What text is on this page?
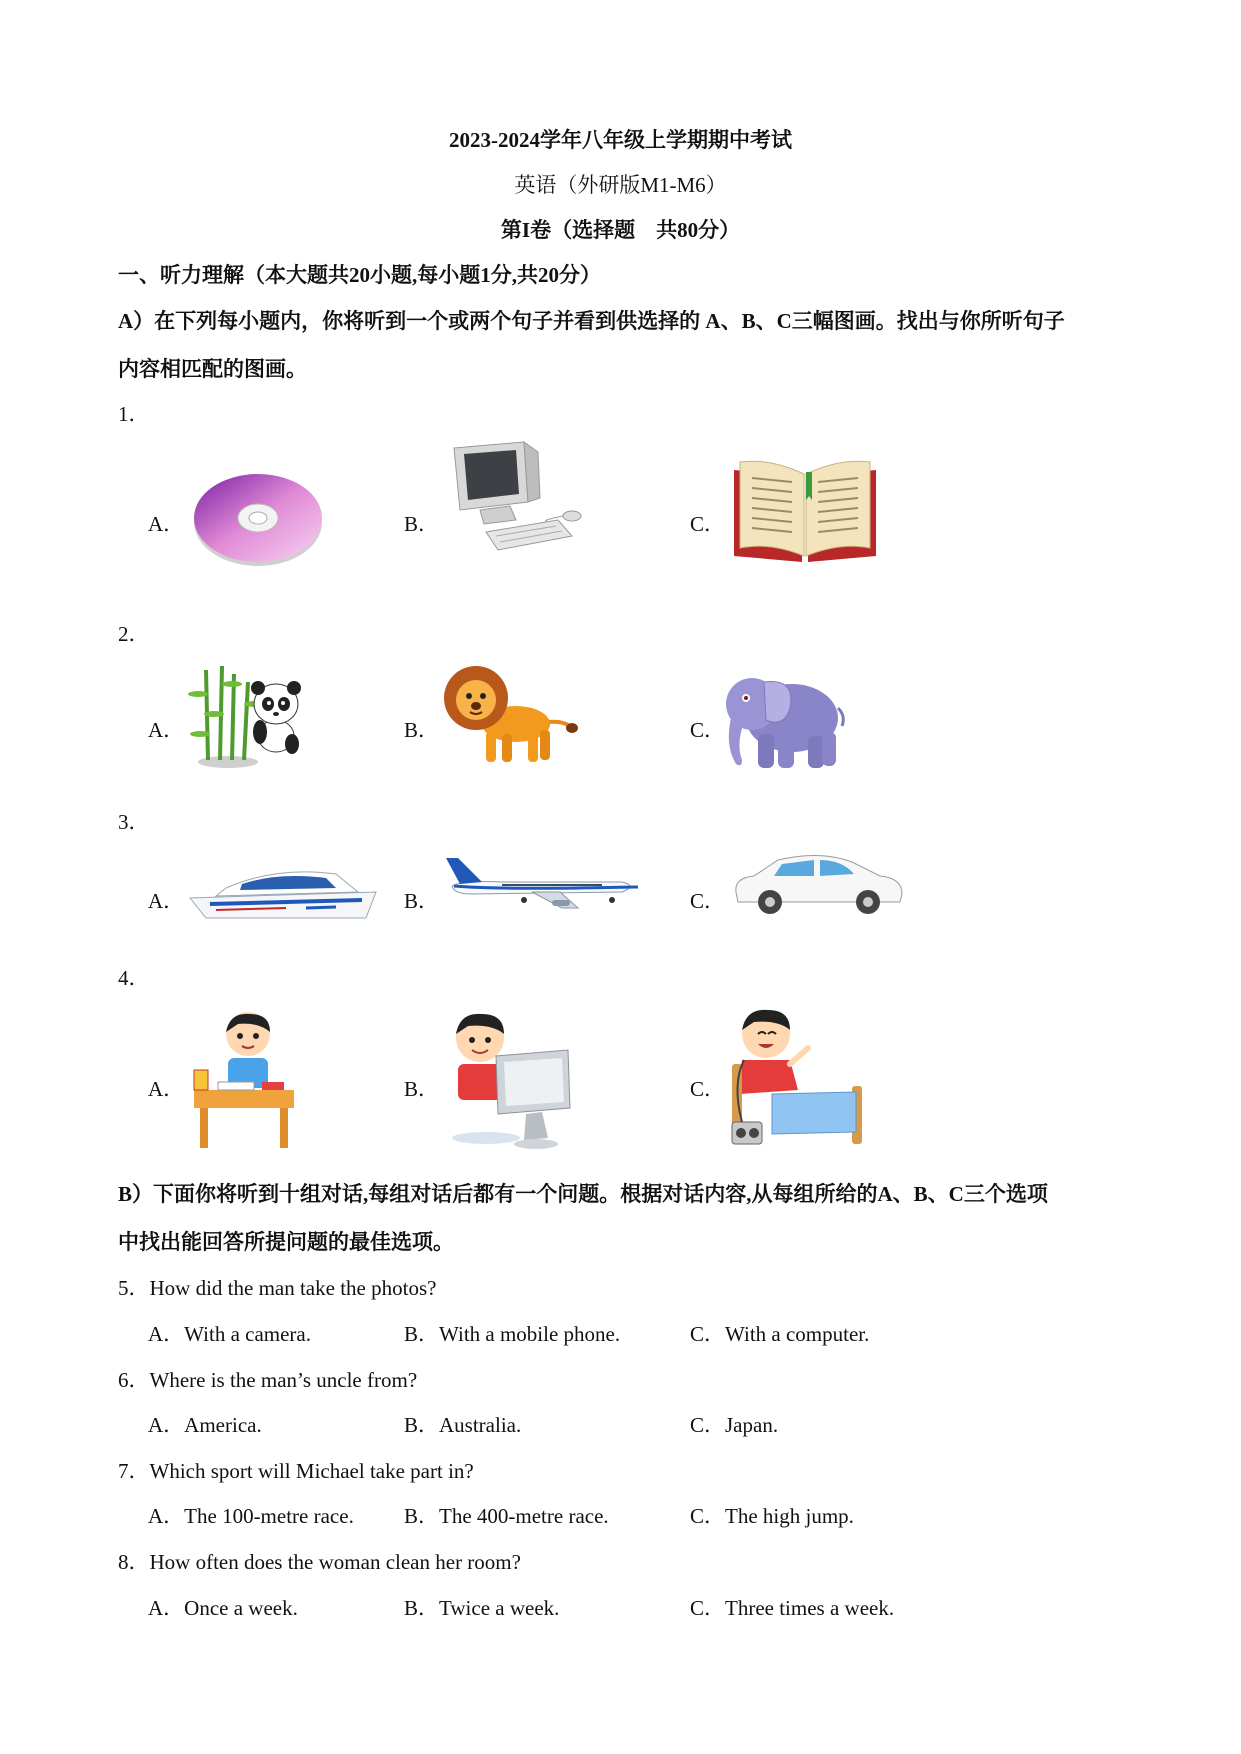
2023-2024学年八年级上学期期中考试
英语（外研版M1-M6）
第I卷（选择题　共80分）
一、听力理解（本大题共20小题,每小题1分,共20分）
A）在下列每小题内，你将听到一个或两个句子并看到供选择的 A、B、C三幅图画。找出与你所听句子
内容相匹配的图画。
1．
A．	B．	C．
2．
A．	B．	C．
3．
A．	B．	C．
4．
A．	B．	C．
B）下面你将听到十组对话,每组对话后都有一个问题。根据对话内容,从每组所给的A、B、C三个选项
中找出能回答所提问题的最佳选项。
5．How did the man take the photos?
A．With a camera.	B．With a mobile phone.	C．With a computer.
6．Where is the man’s uncle from?
A．America.	B．Australia.	C．Japan.
7．Which sport will Michael take part in?
A．The 100-metre race. B．The 400-metre race.	C．The high jump.
8．How often does the woman clean her room?
A．Once a week.	B．Twice a week.	C．Three times a week.
